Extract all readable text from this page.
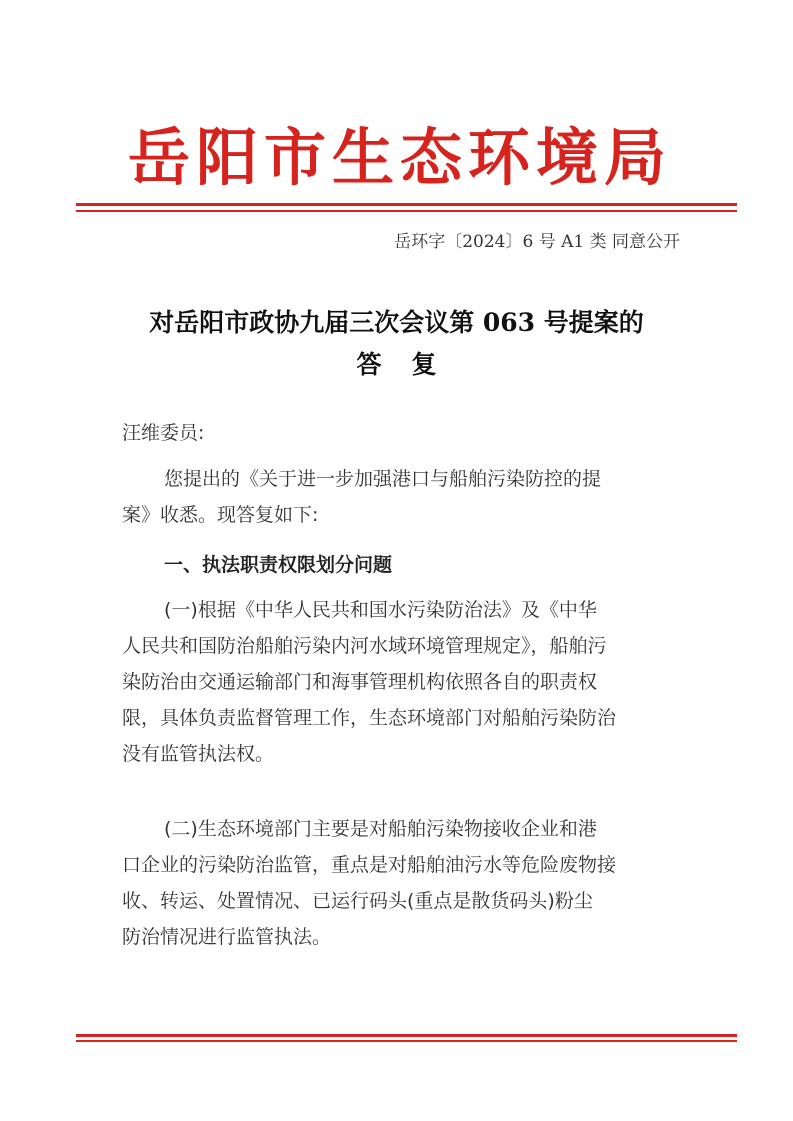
岳阳市生态环境局
岳环字〔2024〕6 号 A1 类 同意公开
对岳阳市政协九届三次会议第 063 号提案的
答复
汪维委员:
您提出的《关于进一步加强港口与船舶污染防控的提
案》收悉。现答复如下:
一、执法职责权限划分问题
(一)根据《中华人民共和国水污染防治法》及《中华
人民共和国防治船舶污染内河水域环境管理规定》，船舶污
染防治由交通运输部门和海事管理机构依照各自的职责权
限，具体负责监督管理工作，生态环境部门对船舶污染防治
没有监管执法权。
(二)生态环境部门主要是对船舶污染物接收企业和港
口企业的污染防治监管，重点是对船舶油污水等危险废物接
收、转运、处置情况、已运行码头(重点是散货码头)粉尘
防治情况进行监管执法。
